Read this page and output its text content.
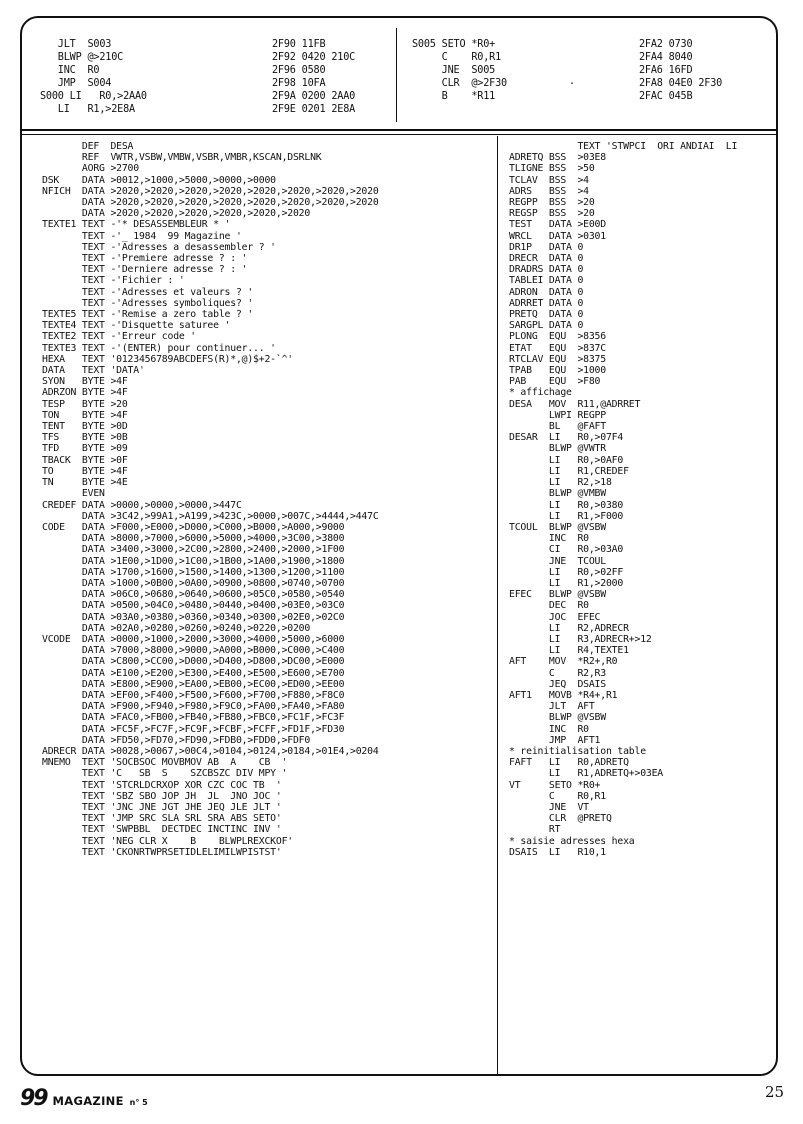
JLT  S003
BLWP @>210C
INC  R0
JMP  S004
S000 LI   R0,>2AA0
LI   R1,>2E8A
2F90 11FB
2F92 0420 210C
2F96 0580
2F98 10FA
2F9A 0200 2AA0
2F9E 0201 2E8A
S005 SETO *R0+
C    R0,R1
JNE  S005
CLR  @>2F30
B    *R11
.
2FA2 0730
2FA4 8040
2FA6 16FD
2FA8 04E0 2F30
2FAC 045B
DEF  DESA
REF  VWTR,VSBW,VMBW,VSBR,VMBR,KSCAN,DSRLNK
AORG >2700
DSK    DATA >0012,>1000,>5000,>0000,>0000
NFICH  DATA >2020,>2020,>2020,>2020,>2020,>2020,>2020,>2020
DATA >2020,>2020,>2020,>2020,>2020,>2020,>2020,>2020
DATA >2020,>2020,>2020,>2020,>2020,>2020
TEXTE1 TEXT -'* DESASSEMBLEUR * '
TEXT -'_ 1984  99 Magazine '
TEXT -'Adresses a desassembler ? '
TEXT -'Premiere adresse ? : '
TEXT -'Derniere adresse ? : '
TEXT -'Fichier : '
TEXT -'Adresses et valeurs ? '
TEXT -'Adresses symboliques? '
TEXTE5 TEXT -'Remise a zero table ? '
TEXTE4 TEXT -'Disquette saturee '
TEXTE2 TEXT -'Erreur code '
TEXTE3 TEXT -'(ENTER) pour continuer... '
HEXA   TEXT '0123456789ABCDEFS(R)*,@)$+2-`^'
DATA   TEXT 'DATA'
SYON   BYTE >4F
ADRZON BYTE >4F
TESP   BYTE >20
TON    BYTE >4F
TENT   BYTE >0D
TFS    BYTE >0B
TFD    BYTE >09
TBACK  BYTE >0F
TO     BYTE >4F
TN     BYTE >4E
EVEN
CREDEF DATA >0000,>0000,>0000,>447C
DATA >3C42,>99A1,>A199,>423C,>0000,>007C,>4444,>447C
CODE   DATA >F000,>E000,>D000,>C000,>B000,>A000,>9000
DATA >8000,>7000,>6000,>5000,>4000,>3C00,>3800
DATA >3400,>3000,>2C00,>2800,>2400,>2000,>1F00
DATA >1E00,>1D00,>1C00,>1B00,>1A00,>1900,>1800
DATA >1700,>1600,>1500,>1400,>1300,>1200,>1100
DATA >1000,>0B00,>0A00,>0900,>0800,>0740,>0700
DATA >06C0,>0680,>0640,>0600,>05C0,>0580,>0540
DATA >0500,>04C0,>0480,>0440,>0400,>03E0,>03C0
DATA >03A0,>0380,>0360,>0340,>0300,>02E0,>02C0
DATA >02A0,>0280,>0260,>0240,>0220,>0200
VCODE  DATA >0000,>1000,>2000,>3000,>4000,>5000,>6000
DATA >7000,>8000,>9000,>A000,>B000,>C000,>C400
DATA >C800,>CC00,>D000,>D400,>D800,>DC00,>E000
DATA >E100,>E200,>E300,>E400,>E500,>E600,>E700
DATA >E800,>E900,>EA00,>EB00,>EC00,>ED00,>EE00
DATA >EF00,>F400,>F500,>F600,>F700,>F880,>F8C0
DATA >F900,>F940,>F980,>F9C0,>FA00,>FA40,>FA80
DATA >FAC0,>FB00,>FB40,>FB80,>FBC0,>FC1F,>FC3F
DATA >FC5F,>FC7F,>FC9F,>FCBF,>FCFF,>FD1F,>FD30
DATA >FD50,>FD70,>FD90,>FDB0,>FDD0,>FDF0
ADRECR DATA >0028,>0067,>00C4,>0104,>0124,>0184,>01E4,>0204
MNEMO  TEXT 'SOCBSOC MOVBMOV AB  A    CB  '
TEXT 'C   SB  S    SZCBSZC DIV MPY '
TEXT 'STCRLDCRXOP XOR CZC COC TB  '
TEXT 'SBZ SBO JOP JH  JL  JNO JOC '
TEXT 'JNC JNE JGT JHE JEQ JLE JLT '
TEXT 'JMP SRC SLA SRL SRA ABS SETO'
TEXT 'SWPBBL  DECTDEC INCTINC INV '
TEXT 'NEG CLR X    B    BLWPLREXCKOF'
TEXT 'CKONRTWPRSETIDLELIMILWPISTST'
TEXT 'STWPCI  ORI ANDIAI  LI
ADRETQ BSS  >03E8
TLIGNE BSS  >50
TCLAV  BSS  >4
ADRS   BSS  >4
REGPP  BSS  >20
REGSP  BSS  >20
TEST   DATA >E00D
WRCL   DATA >0301
DR1P   DATA 0
DRECR  DATA 0
DRADRS DATA 0
TABLEI DATA 0
ADRON  DATA 0
ADRRET DATA 0
PRETQ  DATA 0
SARGPL DATA 0
PLONG  EQU  >8356
ETAT   EQU  >837C
RTCLAV EQU  >8375
TPAB   EQU  >1000
PAB    EQU  >F80
* affichage
DESA   MOV  R11,@ADRRET
LWPI REGPP
BL   @FAFT
DESAR  LI   R0,>07F4
BLWP @VWTR
LI   R0,>0AF0
LI   R1,CREDEF
LI   R2,>18
BLWP @VMBW
LI   R0,>0380
LI   R1,>F000
TCOUL  BLWP @VSBW
INC  R0
CI   R0,>03A0
JNE  TCOUL
LI   R0,>02FF
LI   R1,>2000
EFEC   BLWP @VSBW
DEC  R0
JOC  EFEC
LI   R2,ADRECR
LI   R3,ADRECR+>12
LI   R4,TEXTE1
AFT    MOV  *R2+,R0
C    R2,R3
JEQ  DSAIS
AFT1   MOVB *R4+,R1
JLT  AFT
BLWP @VSBW
INC  R0
JMP  AFT1
* reinitialisation table
FAFT   LI   R0,ADRETQ
LI   R1,ADRETQ+>03EA
VT     SETO *R0+
C    R0,R1
JNE  VT
CLR  @PRETQ
RT
* saisie adresses hexa
DSAIS  LI   R10,1
99 MAGAZINE n° 5
25
